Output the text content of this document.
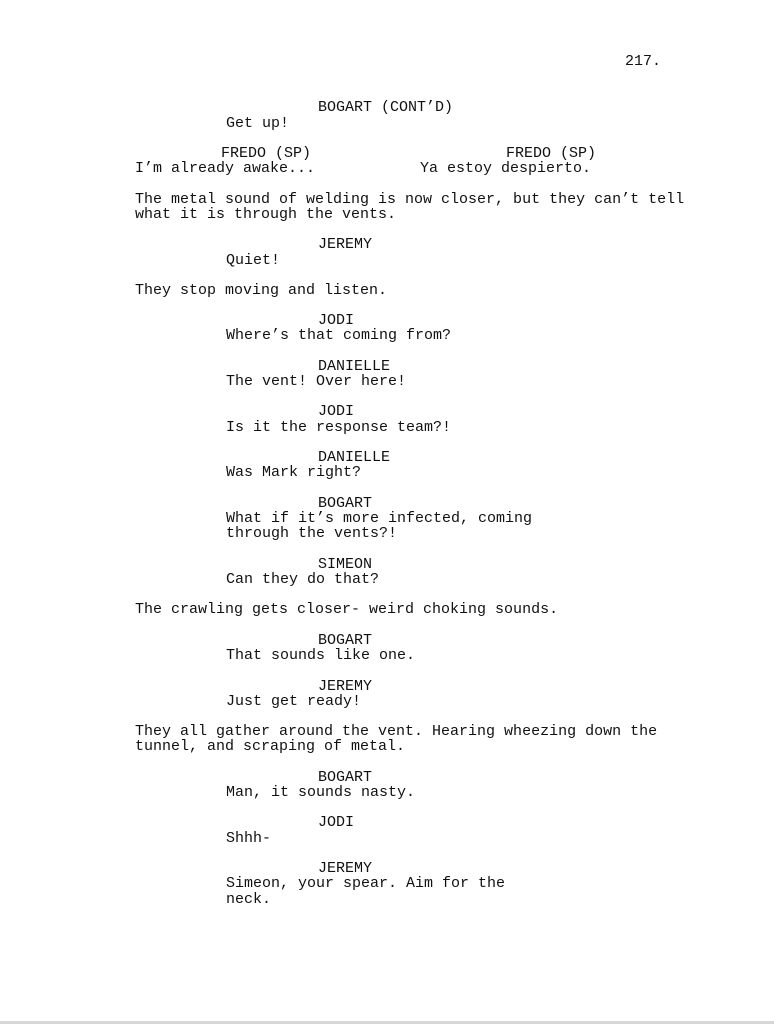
217.
BOGART (CONT’D)
Get up!
FREDO (SP)
I’m already awake...
FREDO (SP)
Ya estoy despierto.
The metal sound of welding is now closer, but they can’t tell
what it is through the vents.
JEREMY
Quiet!
They stop moving and listen.
JODI
Where’s that coming from?
DANIELLE
The vent! Over here!
JODI
Is it the response team?!
DANIELLE
Was Mark right?
BOGART
What if it’s more infected, coming
through the vents?!
SIMEON
Can they do that?
The crawling gets closer- weird choking sounds.
BOGART
That sounds like one.
JEREMY
Just get ready!
They all gather around the vent. Hearing wheezing down the
tunnel, and scraping of metal.
BOGART
Man, it sounds nasty.
JODI
Shhh-
JEREMY
Simeon, your spear. Aim for the
neck.
